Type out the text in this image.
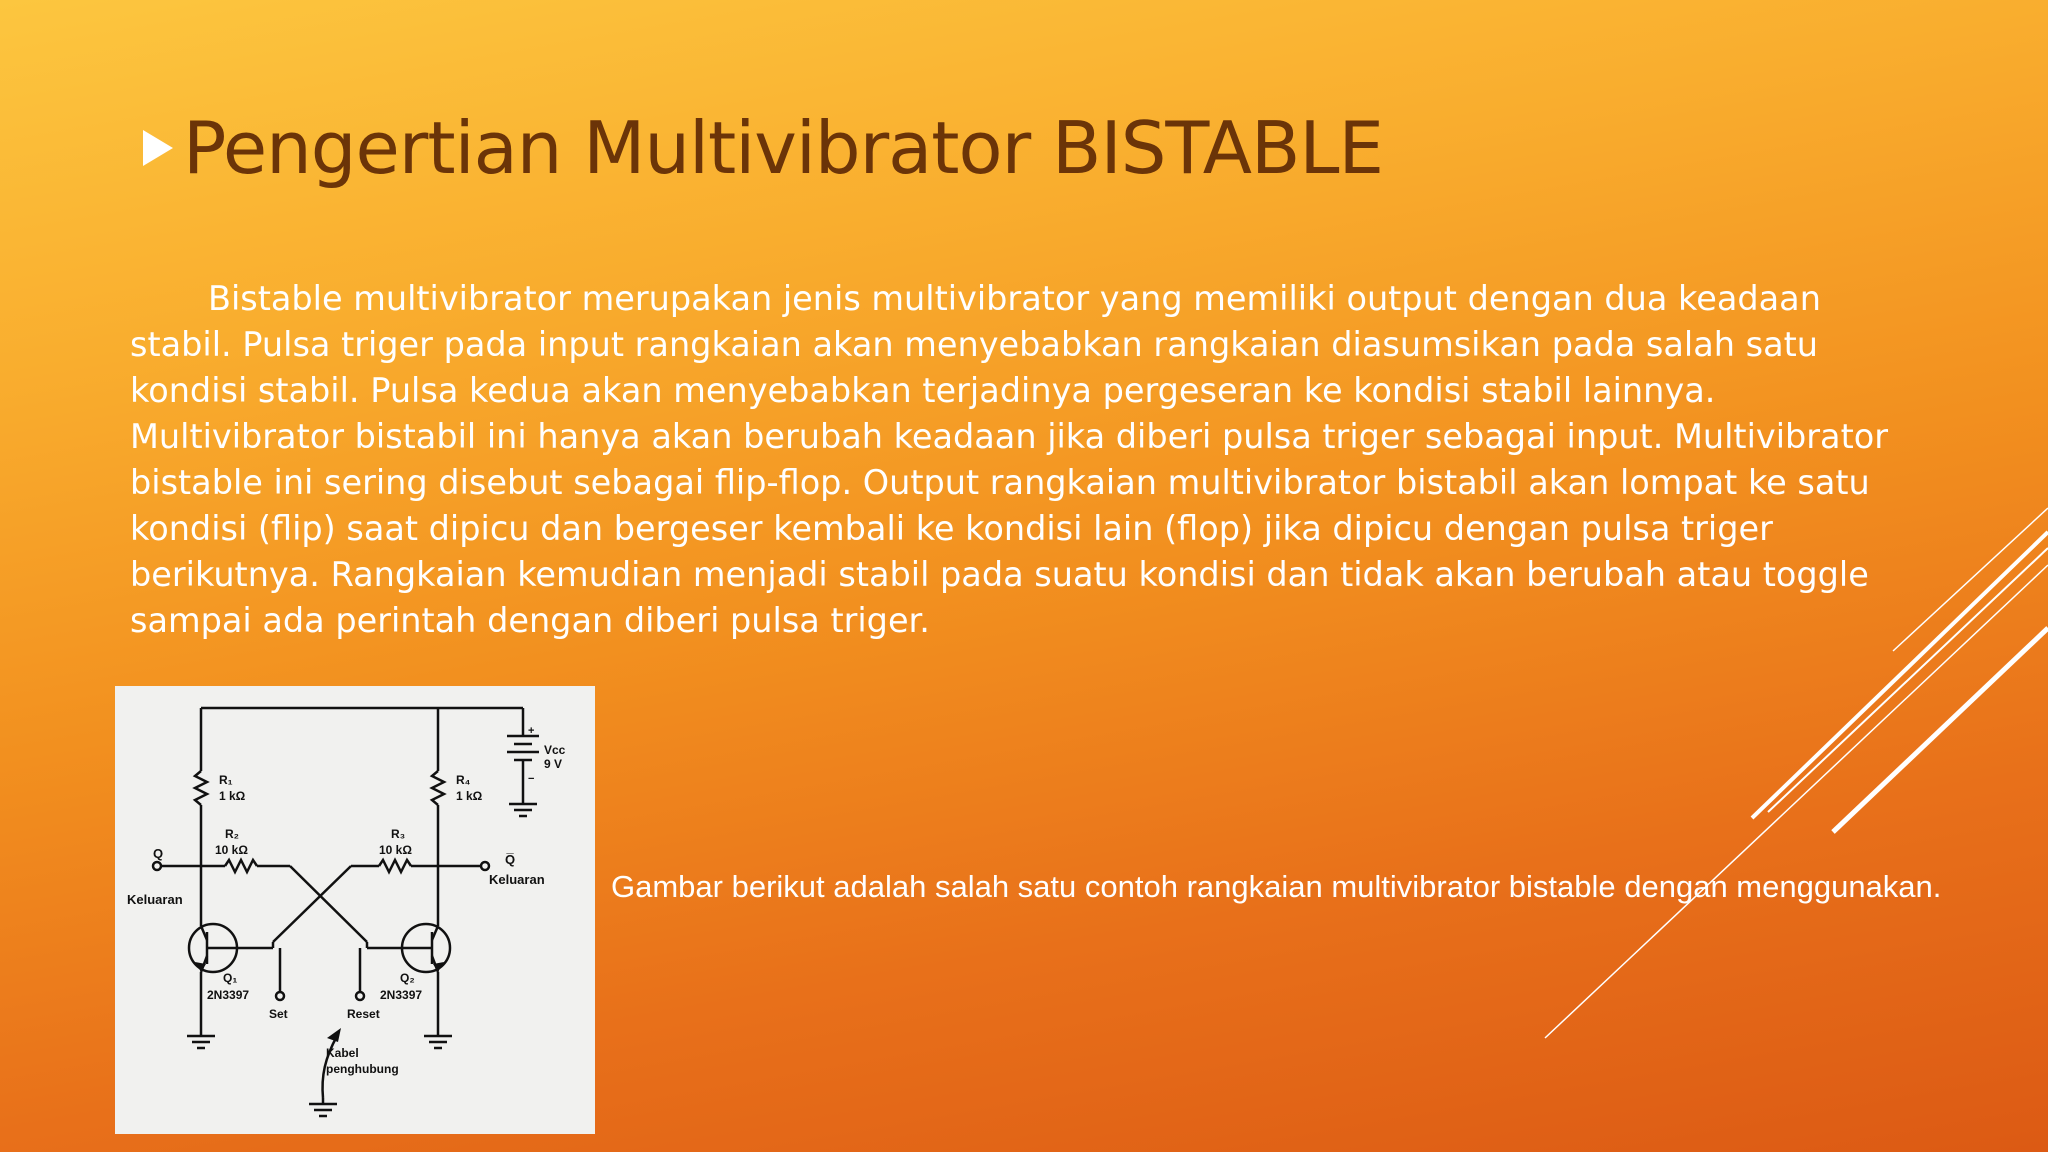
Pengertian Multivibrator BISTABLE

Bistable multivibrator merupakan jenis multivibrator yang memiliki output dengan dua keadaan stabil. Pulsa triger pada input rangkaian akan menyebabkan rangkaian diasumsikan pada salah satu kondisi stabil. Pulsa kedua akan menyebabkan terjadinya pergeseran ke kondisi stabil lainnya. Multivibrator bistabil ini hanya akan berubah keadaan jika diberi pulsa triger sebagai input. Multivibrator bistable ini sering disebut sebagai flip-flop. Output rangkaian multivibrator bistabil akan lompat ke satu kondisi (flip) saat dipicu dan bergeser kembali ke kondisi lain (flop) jika dipicu dengan pulsa triger berikutnya. Rangkaian kemudian menjadi stabil pada suatu kondisi dan tidak akan berubah atau toggle sampai ada perintah dengan diberi pulsa triger.

R₁
1 kΩ
R₄
1 kΩ
R₂
10 kΩ
R₃
10 kΩ
Vᴄᴄ
9 V
+
−
Q
Keluaran
Q̅
Keluaran
Q₁
2N3397
Q₂
2N3397
Set	Reset
Kabel
penghubung
Gambar berikut adalah salah satu contoh rangkaian multivibrator bistable dengan menggunakan.
